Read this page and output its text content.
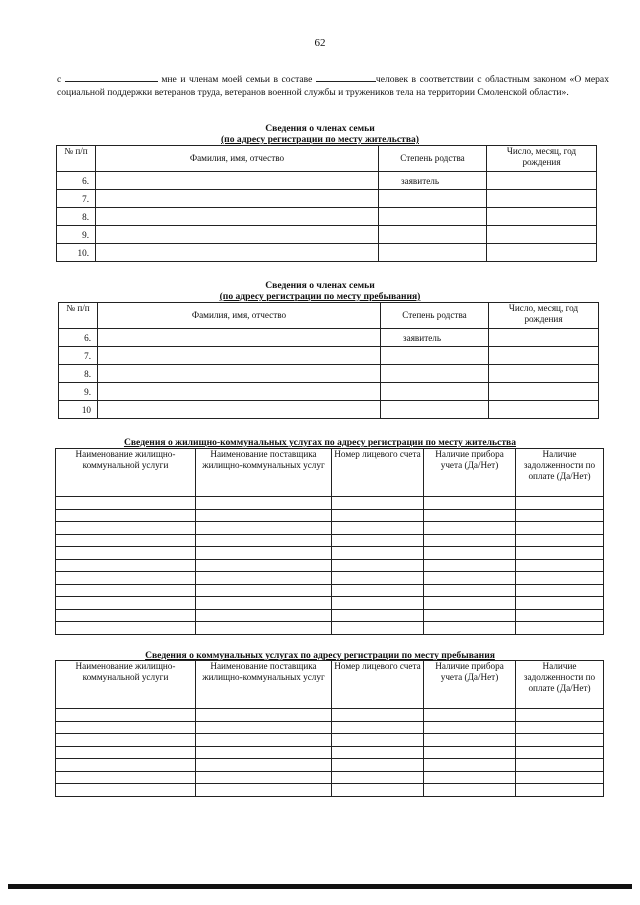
62
с	мне и членам моей семьи в составе	человек в соответствии с областным законом «О мерах социальной поддержки ветеранов труда, ветеранов военной службы и тружеников тела на территории Смоленской области».
Сведения о членах семьи
(по адресу регистрации по месту жительства)
№ п/п	Фамилия, имя, отчество	Степень родства	Число, месяц, год рождения
6.		заявитель	
7.			
8.			
9.			
10.			
Сведения о членах семьи
(по адресу регистрации по месту пребывания)
№ п/п	Фамилия, имя, отчество	Степень родства	Число, месяц, год рождения
6.		заявитель	
7.			
8.			
9.			
10			
Сведения о жилищно-коммунальных услугах по адресу регистрации по месту жительства
Наименование жилищно-коммунальной услуги	Наименование поставщика жилищно-коммунальных услуг	Номер лицевого счета	Наличие прибора учета (Да/Нет)	Наличие задолженности по оплате (Да/Нет)

Сведения о коммунальных услугах по адресу регистрации по месту пребывания
Наименование жилищно-коммунальной услуги	Наименование поставщика жилищно-коммунальных услуг	Номер лицевого счета	Наличие прибора учета (Да/Нет)	Наличие задолженности по оплате (Да/Нет)
